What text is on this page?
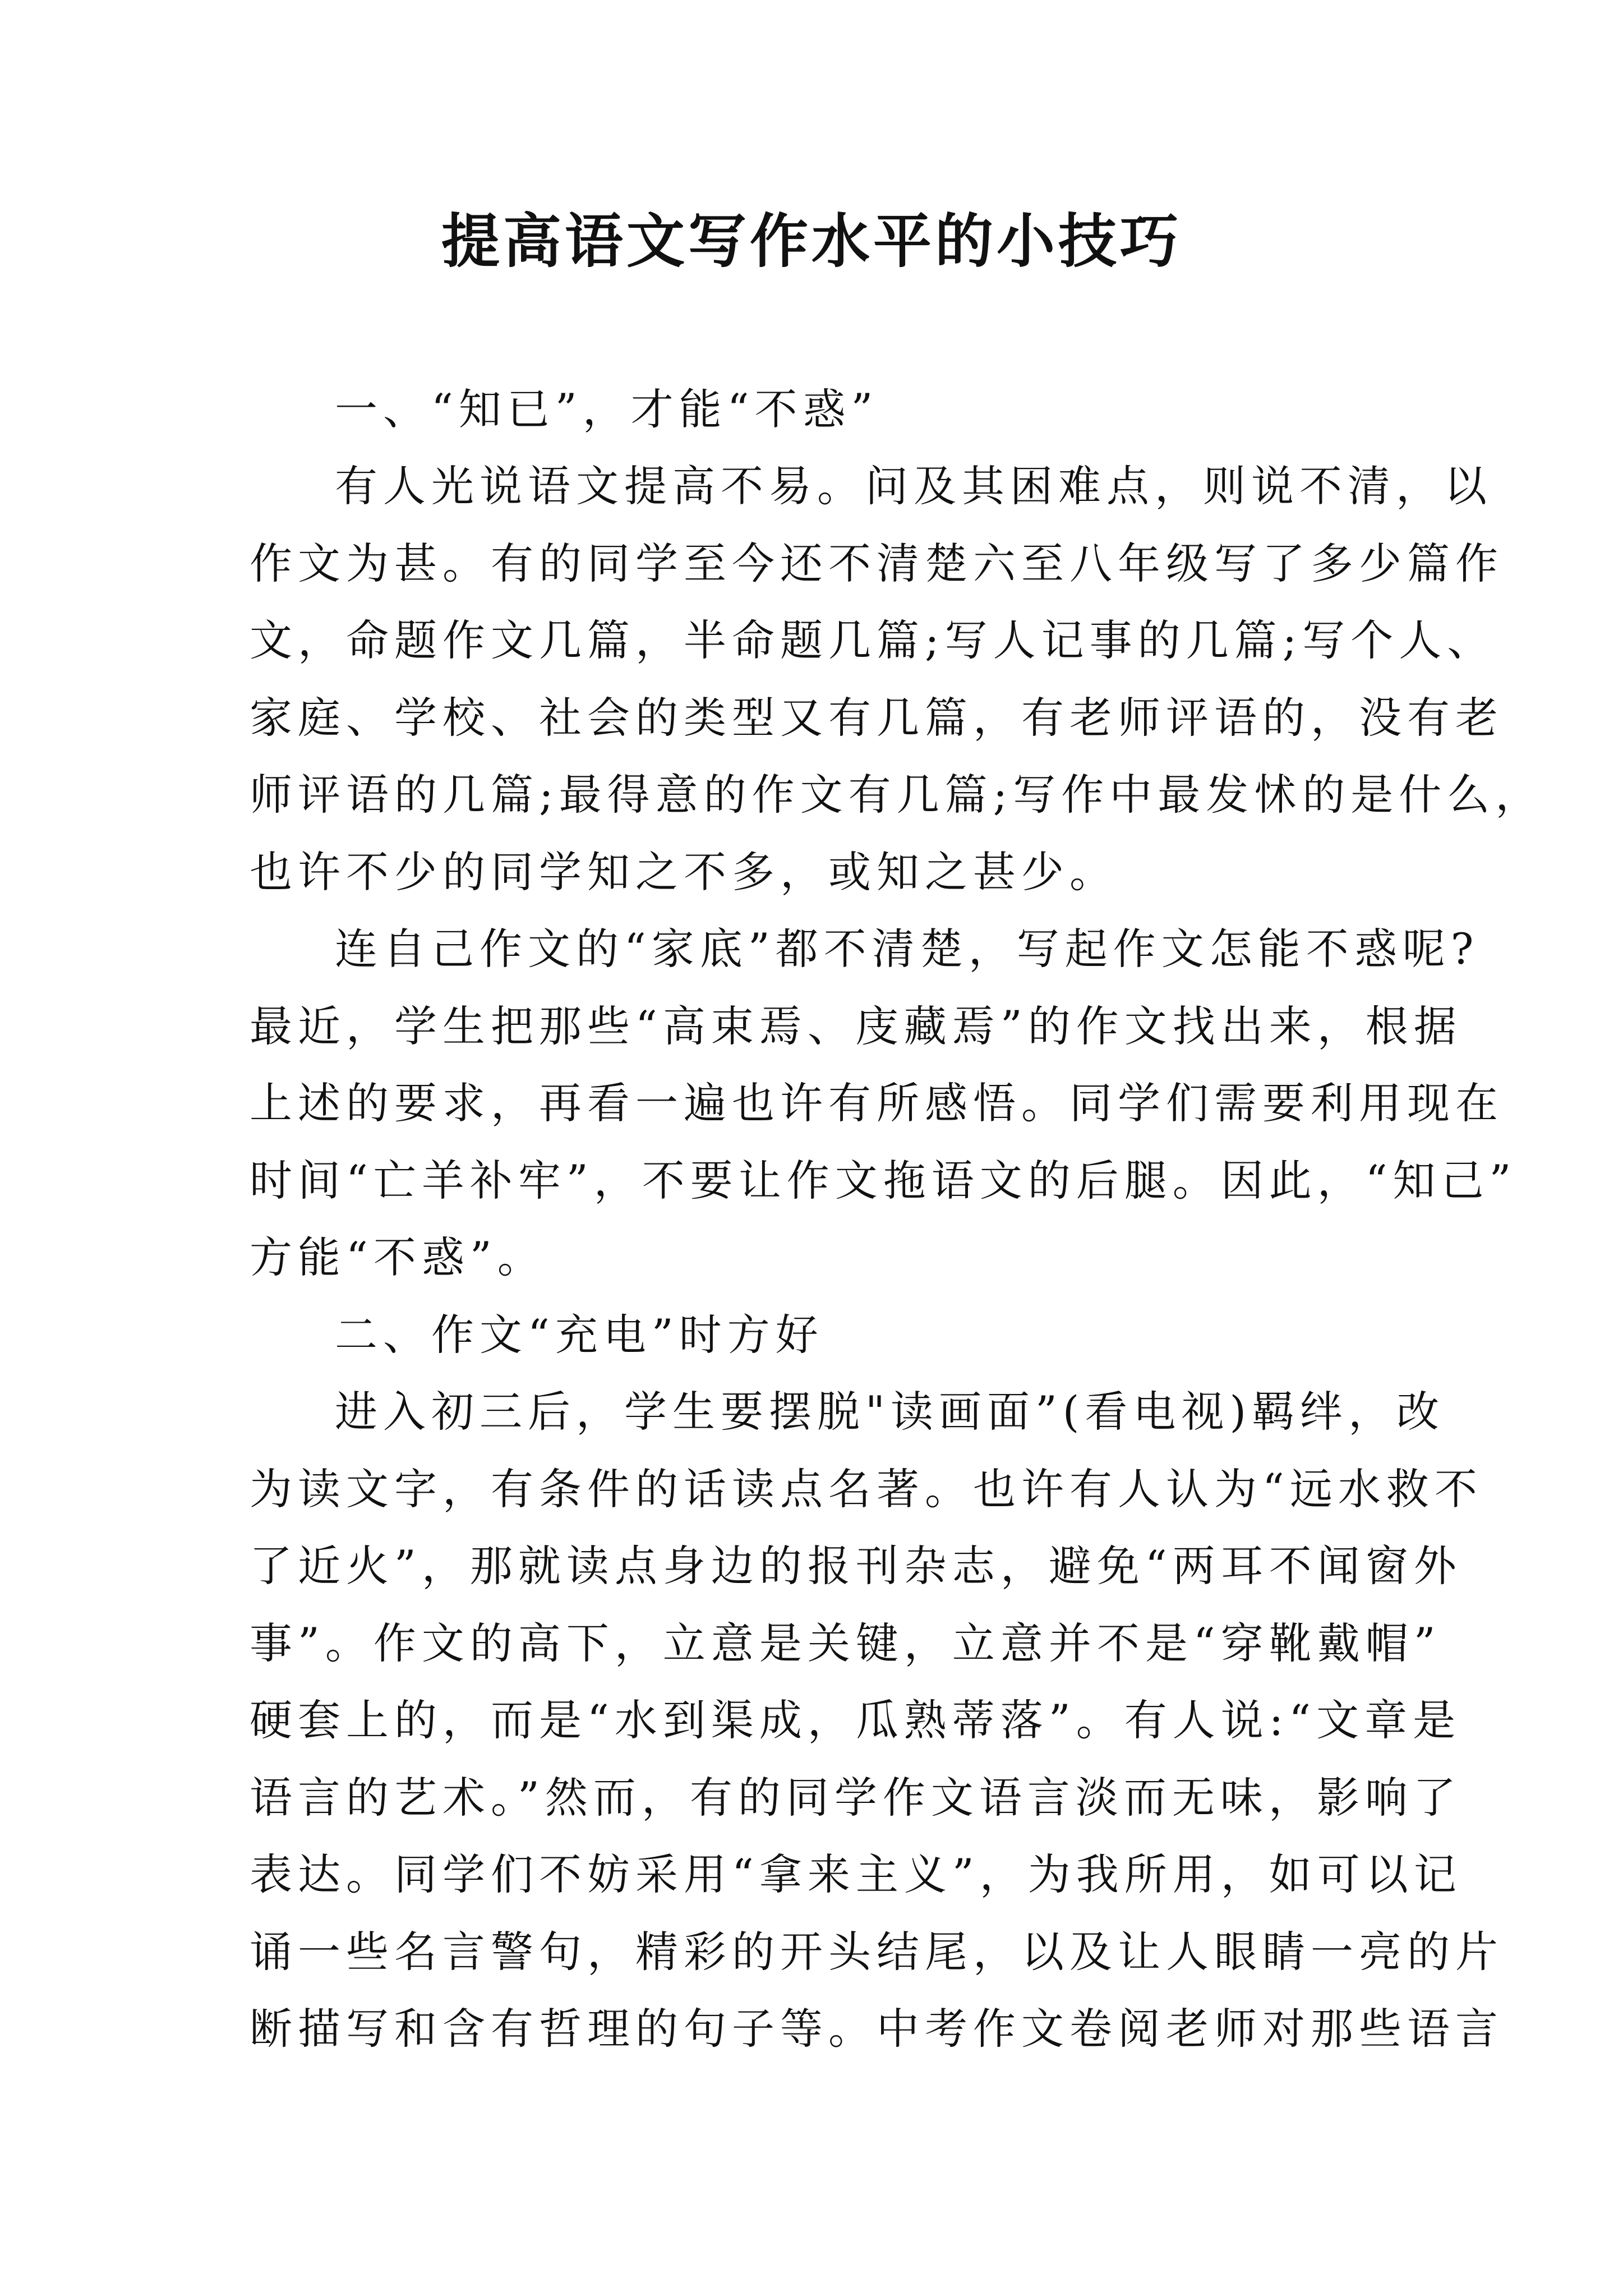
提高语文写作水平的小技巧
一、“知已”，才能“不惑”
有人光说语文提高不易。问及其困难点，则说不清，以
作文为甚。有的同学至今还不清楚六至八年级写了多少篇作
文，命题作文几篇，半命题几篇;写人记事的几篇;写个人、
家庭、学校、社会的类型又有几篇，有老师评语的，没有老
师评语的几篇;最得意的作文有几篇;写作中最发怵的是什么，
也许不少的同学知之不多，或知之甚少。
连自己作文的“家底”都不清楚，写起作文怎能不惑呢?
最近，学生把那些“高束焉、庋藏焉”的作文找出来，根据
上述的要求，再看一遍也许有所感悟。同学们需要利用现在
时间“亡羊补牢”，不要让作文拖语文的后腿。因此，“知己”
方能“不惑”。
二、作文“充电”时方好
进入初三后，学生要摆脱"读画面”(看电视)羁绊，改
为读文字，有条件的话读点名著。也许有人认为“远水救不
了近火”，那就读点身边的报刊杂志，避免“两耳不闻窗外
事”。作文的高下，立意是关键，立意并不是“穿靴戴帽”
硬套上的，而是“水到渠成，瓜熟蒂落”。有人说:“文章是
语言的艺术。”然而，有的同学作文语言淡而无味，影响了
表达。同学们不妨采用“拿来主义”，为我所用，如可以记
诵一些名言警句，精彩的开头结尾，以及让人眼睛一亮的片
断描写和含有哲理的句子等。中考作文卷阅老师对那些语言
